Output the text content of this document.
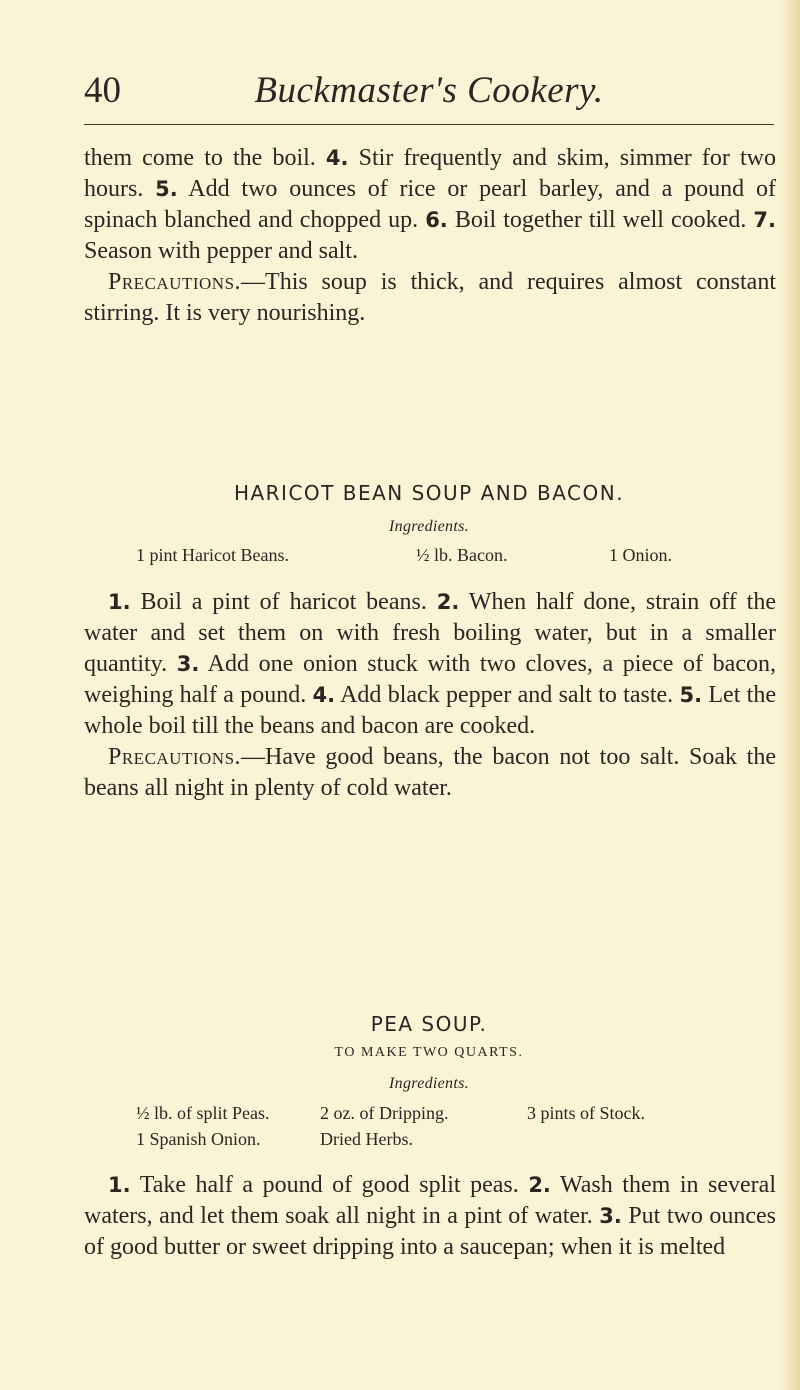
40	Buckmaster's Cookery.

them come to the boil. 4. Stir frequently and skim, simmer for two hours. 5. Add two ounces of rice or pearl barley, and a pound of spinach blanched and chopped up. 6. Boil together till well cooked. 7. Season with pepper and salt.

Precautions.—This soup is thick, and requires almost constant stirring. It is very nourishing.

HARICOT BEAN SOUP AND BACON.
Ingredients.
1 pint Haricot Beans.	½ lb. Bacon.	1 Onion.

1. Boil a pint of haricot beans. 2. When half done, strain off the water and set them on with fresh boiling water, but in a smaller quantity. 3. Add one onion stuck with two cloves, a piece of bacon, weighing half a pound. 4. Add black pepper and salt to taste. 5. Let the whole boil till the beans and bacon are cooked.

Precautions.—Have good beans, the bacon not too salt. Soak the beans all night in plenty of cold water.

PEA SOUP.
TO MAKE TWO QUARTS.
Ingredients.
½ lb. of split Peas.	2 oz. of Dripping.	3 pints of Stock.
1 Spanish Onion.	Dried Herbs.

1. Take half a pound of good split peas. 2. Wash them in several waters, and let them soak all night in a pint of water. 3. Put two ounces of good butter or sweet dripping into a saucepan; when it is melted
